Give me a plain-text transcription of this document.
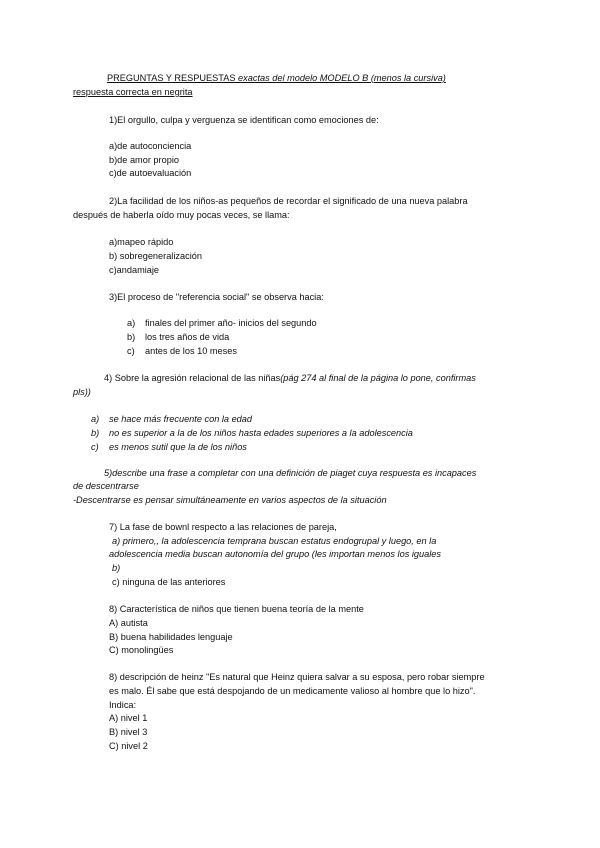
PREGUNTAS Y RESPUESTAS exactas del modelo MODELO B (menos la cursiva)
respuesta correcta en negrita
1)El orgullo, culpa y verguenza se identifican como emociones de:
a)de autoconciencia
b)de amor propio
c)de autoevaluación
2)La facilidad de los niños-as pequeños de recordar el significado de una nueva palabra
después de haberla oído muy pocas veces, se llama:
a)mapeo rápido
b) sobregeneralización
c)andamiaje
3)El proceso de "referencia social" se observa hacia:
a) finales del primer año- inicios del segundo
b) los tres años de vida
c) antes de los 10 meses
4) Sobre la agresión relacional de las niñas(pág 274 al final de la página lo pone, confirmas
pls))
a) se hace más frecuente con la edad
b) no es superior a la de los niños hasta edades superiores a la adolescencia
c) es menos sutil que la de los niños
5)describe una frase a completar con una definición de piaget cuya respuesta es incapaces
de descentrarse
-Descentrarse es pensar simultáneamente en varios aspectos de la situación
7) La fase de bownl respecto a las relaciones de pareja,
a) primero,, la adolescencia temprana buscan estatus endogrupal y luego, en la
adolescencia media buscan autonomía del grupo (les importan menos los iguales
b)
c) ninguna de las anteriores
8) Característica de niños que tienen buena teoría de la mente
A) autista
B) buena habilidades lenguaje
C) monolingües
8) descripción de heinz "Es natural que Heinz quiera salvar a su esposa, pero robar siempre
es malo. Él sabe que está despojando de un medicamente valioso al hombre que lo hizo".
Indica:
A) nivel 1
B) nivel 3
C) nivel 2
